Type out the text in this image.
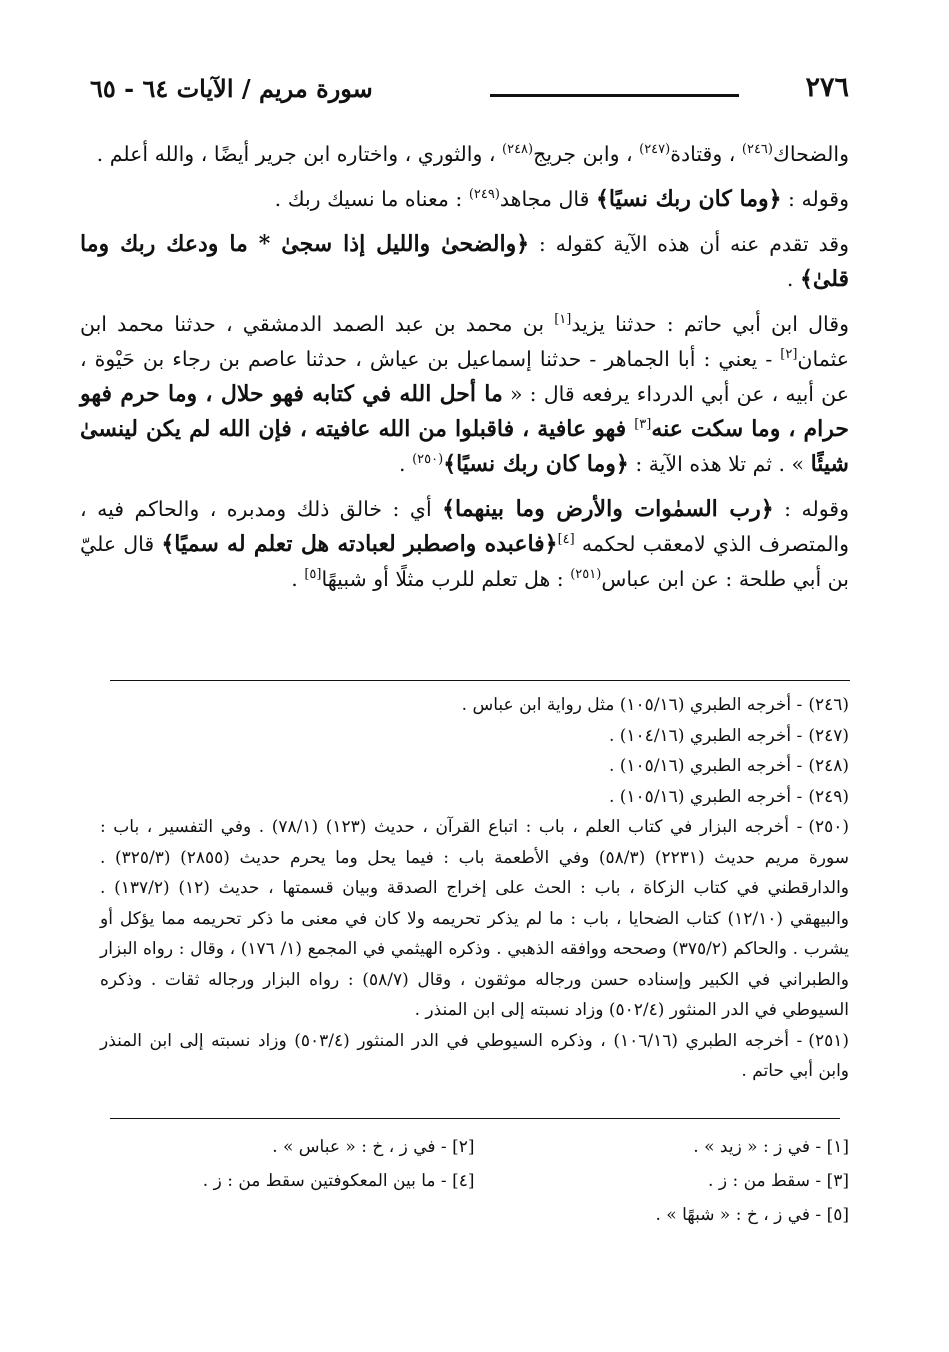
٢٧٦
سورة مريم / الآيات ٦٤ - ٦٥

والضحاك$^{(٢٤٦)}$ ، وقتادة$^{(٢٤٧)}$ ، وابن جريج$^{(٢٤٨)}$ ، والثوري ، واختاره ابن جرير أيضًا ، والله أعلم .

وقوله : ﴿وما كان ربك نسيًا﴾ قال مجاهد$^{(٢٤٩)}$ : معناه ما نسيك ربك .

وقد تقدم عنه أن هذه الآية كقوله : ﴿والضحىٰ والليل إذا سجىٰ * ما ودعك ربك وما قلىٰ﴾ .

وقال ابن أبي حاتم : حدثنا يزيد[١] بن محمد بن عبد الصمد الدمشقي ، حدثنا محمد ابن عثمان[٢] - يعني : أبا الجماهر - حدثنا إسماعيل بن عياش ، حدثنا عاصم بن رجاء بن حَيْوة ، عن أبيه ، عن أبي الدرداء يرفعه قال : « ما أحل الله في كتابه فهو حلال ، وما حرم فهو حرام ، وما سكت عنه[٣] فهو عافية ، فاقبلوا من الله عافيته ، فإن الله لم يكن لينسىٰ شيئًا » . ثم تلا هذه الآية : ﴿وما كان ربك نسيًا﴾$^{(٢٥٠)}$ .

وقوله : ﴿رب السمٰوات والأرض وما بينهما﴾ أي : خالق ذلك ومدبره ، والحاكم فيه ، والمتصرف الذي لامعقب لحكمه [٤]﴿فاعبده واصطبر لعبادته هل تعلم له سميًا﴾ قال عليّ بن أبي طلحة : عن ابن عباس$^{(٢٥١)}$ : هل تعلم للرب مثلًا أو شبيهًا[٥] .

(٢٤٦)- أخرجه الطبري (١٠٥/١٦) مثل رواية ابن عباس .

(٢٤٧)- أخرجه الطبري (١٠٤/١٦) .

(٢٤٨)- أخرجه الطبري (١٠٥/١٦) .

(٢٤٩)- أخرجه الطبري (١٠٥/١٦) .

(٢٥٠)- أخرجه البزار في كتاب العلم ، باب : اتباع القرآن ، حديث (١٢٣) (٧٨/١) . وفي التفسير ، باب : سورة مريم حديث (٢٢٣١) (٥٨/٣) وفي الأطعمة باب : فيما يحل وما يحرم حديث (٢٨٥٥) (٣٢٥/٣) . والدارقطني في كتاب الزكاة ، باب : الحث على إخراج الصدقة وبيان قسمتها ، حديث (١٢) (١٣٧/٢) . والبيهقي (١٢/١٠) كتاب الضحايا ، باب : ما لم يذكر تحريمه ولا كان في معنى ما ذكر تحريمه مما يؤكل أو يشرب . والحاكم (٣٧٥/٢) وصححه ووافقه الذهبي . وذكره الهيثمي في المجمع (١/ ١٧٦) ، وقال : رواه البزار والطبراني في الكبير وإسناده حسن ورجاله موثقون ، وقال (٥٨/٧) : رواه البزار ورجاله ثقات . وذكره السيوطي في الدر المنثور (٥٠٢/٤) وزاد نسبته إلى ابن المنذر .

(٢٥١)- أخرجه الطبري (١٠٦/١٦) ، وذكره السيوطي في الدر المنثور (٥٠٣/٤) وزاد نسبته إلى ابن المنذر وابن أبي حاتم .

[١] - في ز : « زيد » .
[٢] - في ز ، خ : « عباس » .
[٣] - سقط من : ز .
[٤] - ما بين المعكوفتين سقط من : ز .
[٥] - في ز ، خ : « شبهًا » .
